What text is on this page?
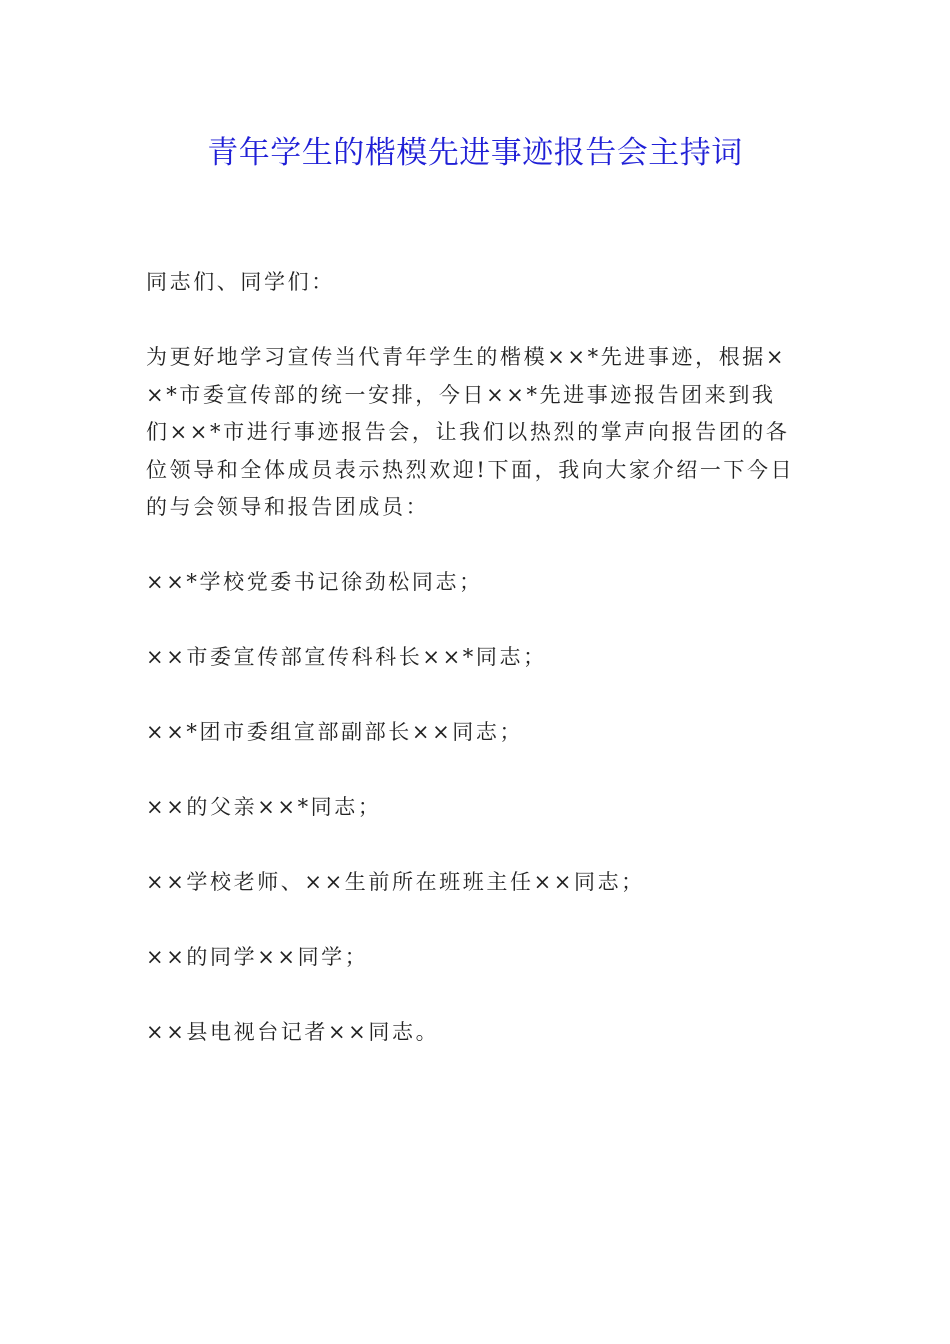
青年学生的楷模先进事迹报告会主持词

同志们、同学们：

为更好地学习宣传当代青年学生的楷模××*先进事迹，根据×
×*市委宣传部的统一安排，今日××*先进事迹报告团来到我
们××*市进行事迹报告会，让我们以热烈的掌声向报告团的各
位领导和全体成员表示热烈欢迎!下面，我向大家介绍一下今日
的与会领导和报告团成员：

××*学校党委书记徐劲松同志；

××市委宣传部宣传科科长××*同志；

××*团市委组宣部副部长××同志；

××的父亲××*同志；

××学校老师、××生前所在班班主任××同志；

××的同学××同学；

××县电视台记者××同志。
